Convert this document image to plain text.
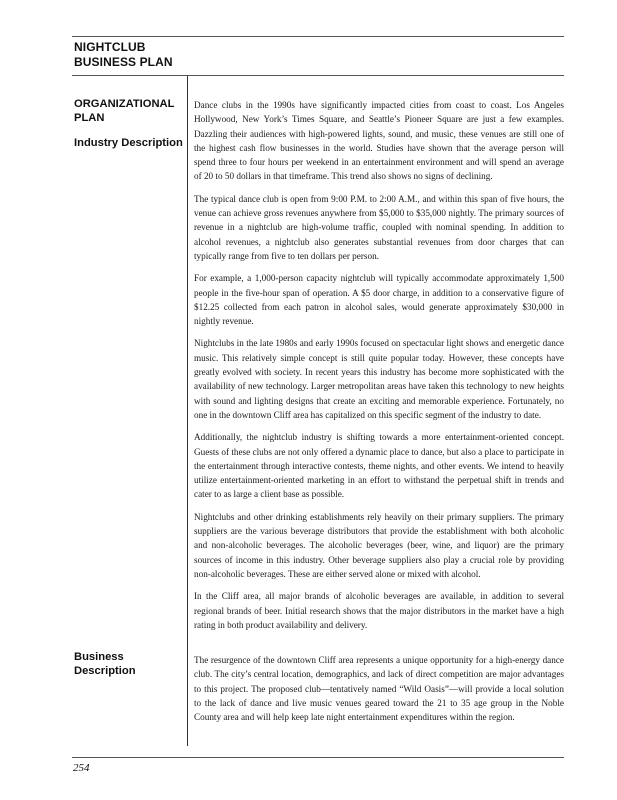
NIGHTCLUB
BUSINESS PLAN
ORGANIZATIONAL
PLAN
Industry Description

Dance clubs in the 1990s have significantly impacted cities from coast to coast. Los Angeles Hollywood, New York’s Times Square, and Seattle’s Pioneer Square are just a few examples. Dazzling their audiences with high-powered lights, sound, and music, these venues are still one of the highest cash flow businesses in the world. Studies have shown that the average person will spend three to four hours per weekend in an entertainment environment and will spend an average of 20 to 50 dollars in that timeframe. This trend also shows no signs of declining.

The typical dance club is open from 9:00 P.M. to 2:00 A.M., and within this span of five hours, the venue can achieve gross revenues anywhere from $5,000 to $35,000 nightly. The primary sources of revenue in a nightclub are high-volume traffic, coupled with nominal spending. In addition to alcohol revenues, a nightclub also generates substantial revenues from door charges that can typically range from five to ten dollars per person.

For example, a 1,000-person capacity nightclub will typically accommodate approximately 1,500 people in the five-hour span of operation. A $5 door charge, in addition to a conservative figure of $12.25 collected from each patron in alcohol sales, would generate approximately $30,000 in nightly revenue.

Nightclubs in the late 1980s and early 1990s focused on spectacular light shows and energetic dance music. This relatively simple concept is still quite popular today. However, these concepts have greatly evolved with society. In recent years this industry has become more sophisticated with the availability of new technology. Larger metropolitan areas have taken this technology to new heights with sound and lighting designs that create an exciting and memorable experience. Fortunately, no one in the downtown Cliff area has capitalized on this specific segment of the industry to date.

Additionally, the nightclub industry is shifting towards a more entertainment-oriented concept. Guests of these clubs are not only offered a dynamic place to dance, but also a place to participate in the entertainment through interactive contests, theme nights, and other events. We intend to heavily utilize entertainment-oriented marketing in an effort to withstand the perpetual shift in trends and cater to as large a client base as possible.

Nightclubs and other drinking establishments rely heavily on their primary suppliers. The primary suppliers are the various beverage distributors that provide the establishment with both alcoholic and non-alcoholic beverages. The alcoholic beverages (beer, wine, and liquor) are the primary sources of income in this industry. Other beverage suppliers also play a crucial role by providing non-alcoholic beverages. These are either served alone or mixed with alcohol.

In the Cliff area, all major brands of alcoholic beverages are available, in addition to several regional brands of beer. Initial research shows that the major distributors in the market have a high rating in both product availability and delivery.

Business
Description

The resurgence of the downtown Cliff area represents a unique opportunity for a high-energy dance club. The city’s central location, demographics, and lack of direct competition are major advantages to this project. The proposed club—tentatively named “Wild Oasis”—will provide a local solution to the lack of dance and live music venues geared toward the 21 to 35 age group in the Noble County area and will help keep late night entertainment expenditures within the region.

254
